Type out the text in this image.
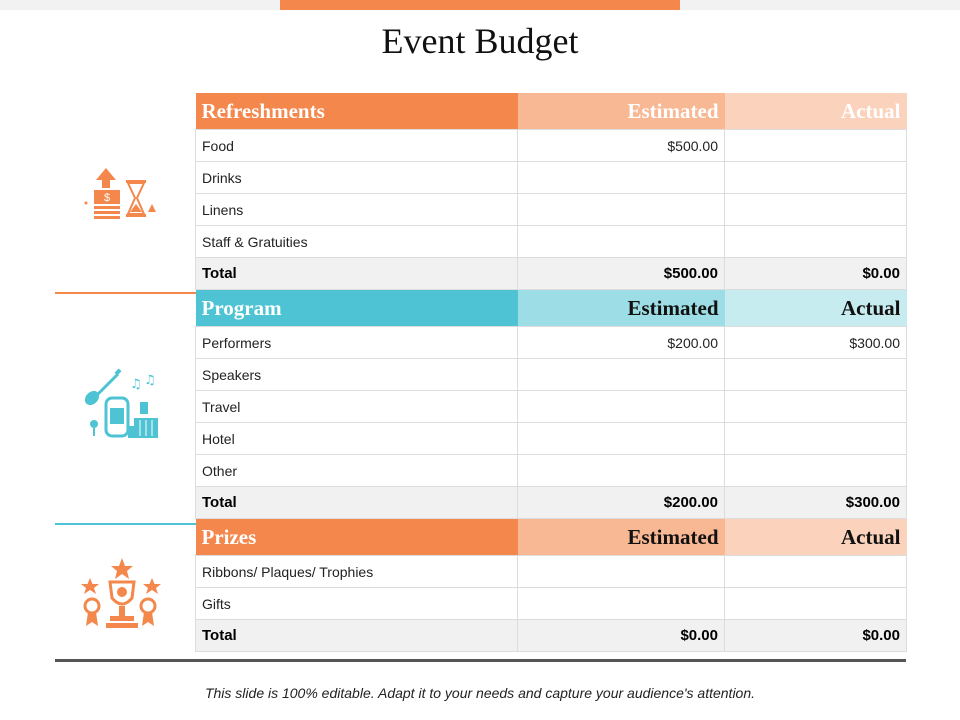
Event Budget
Refreshments	Estimated	Actual
Food	$500.00	
Drinks		
Linens		
Staff & Gratuities		
Total	$500.00	$0.00
Program	Estimated	Actual
Performers	$200.00	$300.00
Speakers		
Travel		
Hotel		
Other		
Total	$200.00	$300.00
Prizes	Estimated	Actual
Ribbons/ Plaques/ Trophies		
Gifts		
Total	$0.00	$0.00
$
♫ ♫
This slide is 100% editable. Adapt it to your needs and capture your audience's attention.
